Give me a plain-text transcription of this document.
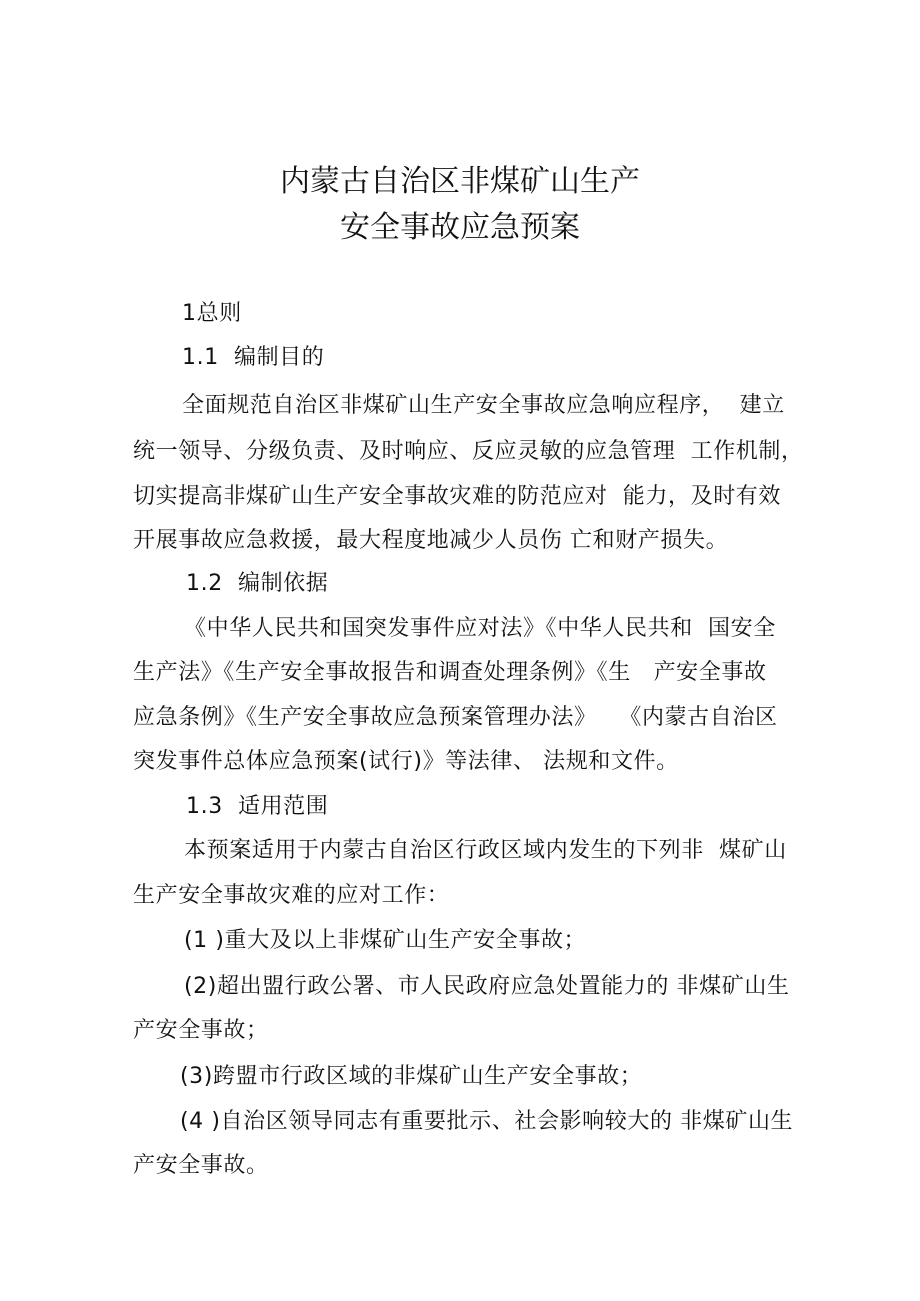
内蒙古自治区非煤矿山生产
安全事故应急预案
1总则
1.1  编制目的
全面规范自治区非煤矿山生产安全事故应急响应程序，  建立
统一领导、分级负责、及时响应、反应灵敏的应急管理  工作机制，
切实提高非煤矿山生产安全事故灾难的防范应对  能力，及时有效
开展事故应急救援，最大程度地减少人员伤 亡和财产损失。
1.2  编制依据
《中华人民共和国突发事件应对法》《中华人民共和  国安全
生产法》《生产安全事故报告和调查处理条例》《生   产安全事故
应急条例》《生产安全事故应急预案管理办法》   《内蒙古自治区
突发事件总体应急预案(试行)》等法律、 法规和文件。
1.3  适用范围
本预案适用于内蒙古自治区行政区域内发生的下列非  煤矿山
生产安全事故灾难的应对工作：
(1 )重大及以上非煤矿山生产安全事故；
(2)超出盟行政公署、市人民政府应急处置能力的 非煤矿山生
产安全事故；
(3)跨盟市行政区域的非煤矿山生产安全事故；
(4 )自治区领导同志有重要批示、社会影响较大的 非煤矿山生
产安全事故。
